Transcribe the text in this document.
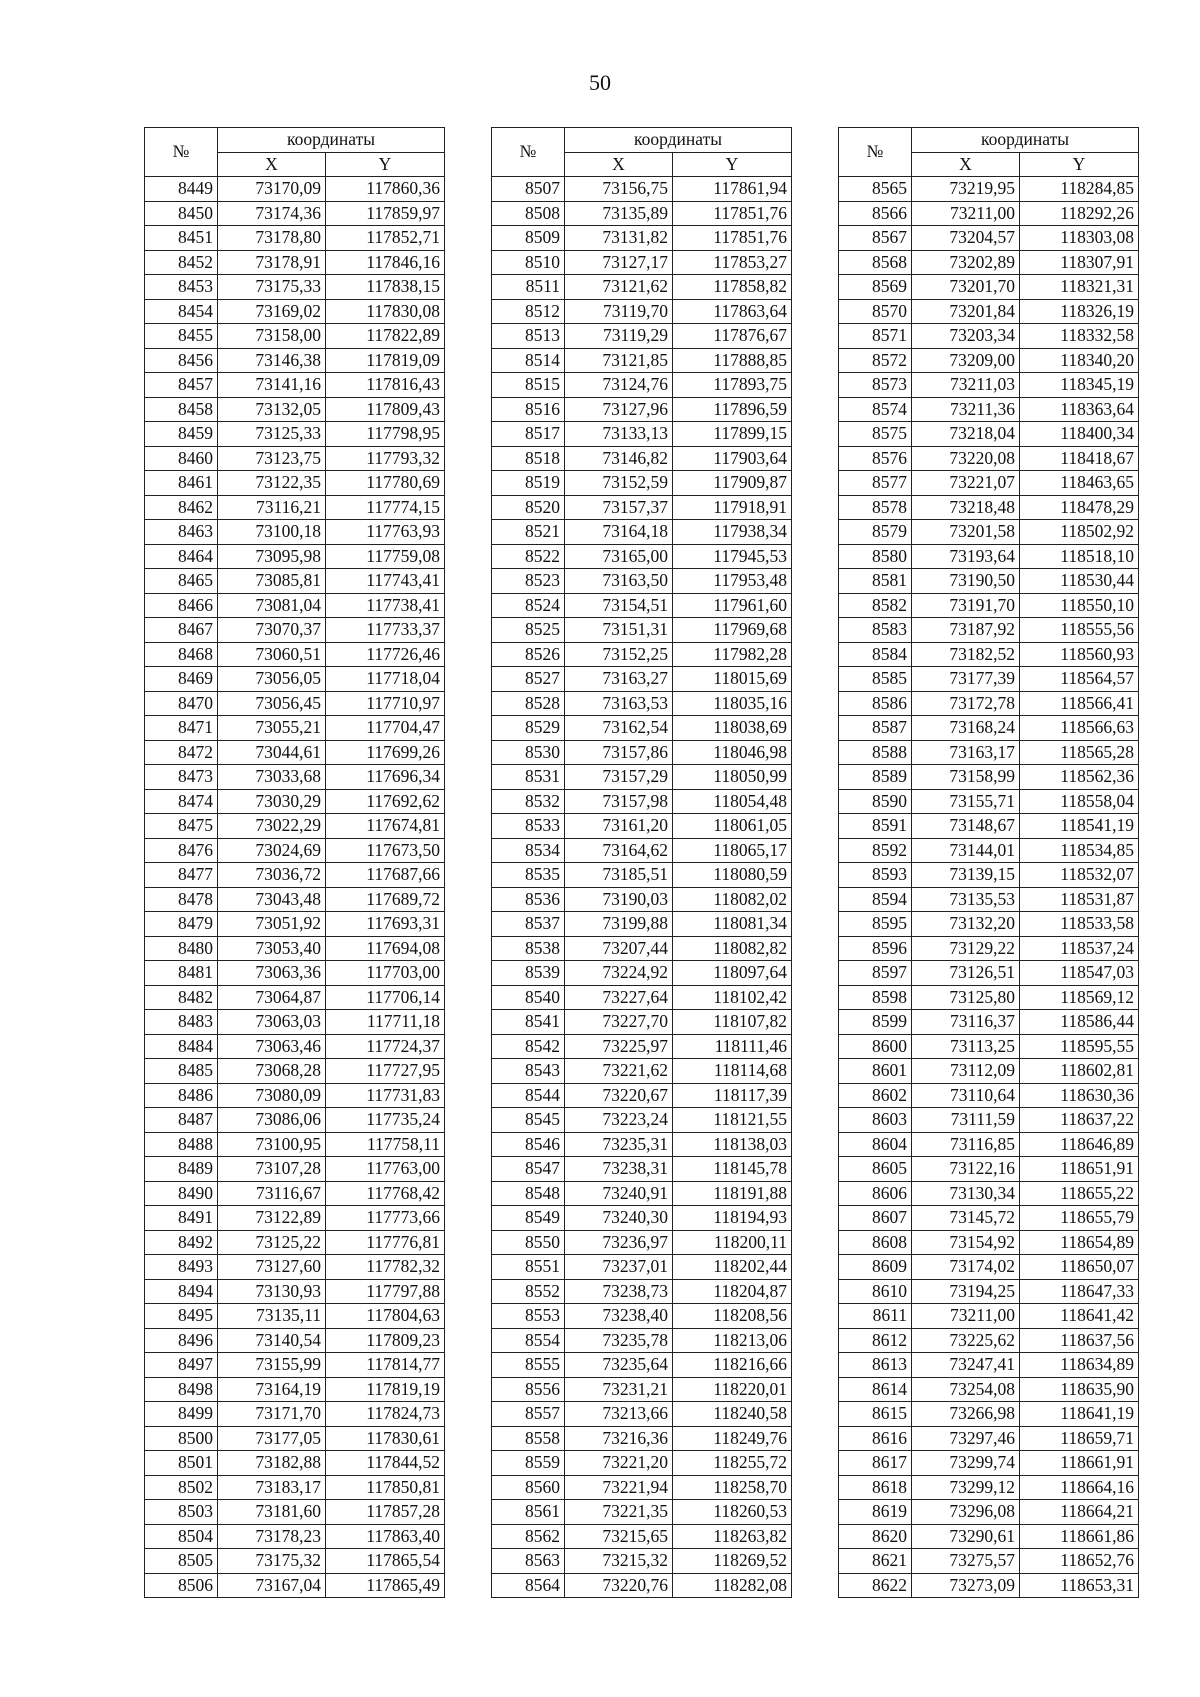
50
№	координаты	
	X	Y
8449	73170,09	117860,36
8450	73174,36	117859,97
8451	73178,80	117852,71
8452	73178,91	117846,16
8453	73175,33	117838,15
8454	73169,02	117830,08
8455	73158,00	117822,89
8456	73146,38	117819,09
8457	73141,16	117816,43
8458	73132,05	117809,43
8459	73125,33	117798,95
8460	73123,75	117793,32
8461	73122,35	117780,69
8462	73116,21	117774,15
8463	73100,18	117763,93
8464	73095,98	117759,08
8465	73085,81	117743,41
8466	73081,04	117738,41
8467	73070,37	117733,37
8468	73060,51	117726,46
8469	73056,05	117718,04
8470	73056,45	117710,97
8471	73055,21	117704,47
8472	73044,61	117699,26
8473	73033,68	117696,34
8474	73030,29	117692,62
8475	73022,29	117674,81
8476	73024,69	117673,50
8477	73036,72	117687,66
8478	73043,48	117689,72
8479	73051,92	117693,31
8480	73053,40	117694,08
8481	73063,36	117703,00
8482	73064,87	117706,14
8483	73063,03	117711,18
8484	73063,46	117724,37
8485	73068,28	117727,95
8486	73080,09	117731,83
8487	73086,06	117735,24
8488	73100,95	117758,11
8489	73107,28	117763,00
8490	73116,67	117768,42
8491	73122,89	117773,66
8492	73125,22	117776,81
8493	73127,60	117782,32
8494	73130,93	117797,88
8495	73135,11	117804,63
8496	73140,54	117809,23
8497	73155,99	117814,77
8498	73164,19	117819,19
8499	73171,70	117824,73
8500	73177,05	117830,61
8501	73182,88	117844,52
8502	73183,17	117850,81
8503	73181,60	117857,28
8504	73178,23	117863,40
8505	73175,32	117865,54
8506	73167,04	117865,49
№	координаты	
	X	Y
8507	73156,75	117861,94
8508	73135,89	117851,76
8509	73131,82	117851,76
8510	73127,17	117853,27
8511	73121,62	117858,82
8512	73119,70	117863,64
8513	73119,29	117876,67
8514	73121,85	117888,85
8515	73124,76	117893,75
8516	73127,96	117896,59
8517	73133,13	117899,15
8518	73146,82	117903,64
8519	73152,59	117909,87
8520	73157,37	117918,91
8521	73164,18	117938,34
8522	73165,00	117945,53
8523	73163,50	117953,48
8524	73154,51	117961,60
8525	73151,31	117969,68
8526	73152,25	117982,28
8527	73163,27	118015,69
8528	73163,53	118035,16
8529	73162,54	118038,69
8530	73157,86	118046,98
8531	73157,29	118050,99
8532	73157,98	118054,48
8533	73161,20	118061,05
8534	73164,62	118065,17
8535	73185,51	118080,59
8536	73190,03	118082,02
8537	73199,88	118081,34
8538	73207,44	118082,82
8539	73224,92	118097,64
8540	73227,64	118102,42
8541	73227,70	118107,82
8542	73225,97	118111,46
8543	73221,62	118114,68
8544	73220,67	118117,39
8545	73223,24	118121,55
8546	73235,31	118138,03
8547	73238,31	118145,78
8548	73240,91	118191,88
8549	73240,30	118194,93
8550	73236,97	118200,11
8551	73237,01	118202,44
8552	73238,73	118204,87
8553	73238,40	118208,56
8554	73235,78	118213,06
8555	73235,64	118216,66
8556	73231,21	118220,01
8557	73213,66	118240,58
8558	73216,36	118249,76
8559	73221,20	118255,72
8560	73221,94	118258,70
8561	73221,35	118260,53
8562	73215,65	118263,82
8563	73215,32	118269,52
8564	73220,76	118282,08
№	координаты	
	X	Y
8565	73219,95	118284,85
8566	73211,00	118292,26
8567	73204,57	118303,08
8568	73202,89	118307,91
8569	73201,70	118321,31
8570	73201,84	118326,19
8571	73203,34	118332,58
8572	73209,00	118340,20
8573	73211,03	118345,19
8574	73211,36	118363,64
8575	73218,04	118400,34
8576	73220,08	118418,67
8577	73221,07	118463,65
8578	73218,48	118478,29
8579	73201,58	118502,92
8580	73193,64	118518,10
8581	73190,50	118530,44
8582	73191,70	118550,10
8583	73187,92	118555,56
8584	73182,52	118560,93
8585	73177,39	118564,57
8586	73172,78	118566,41
8587	73168,24	118566,63
8588	73163,17	118565,28
8589	73158,99	118562,36
8590	73155,71	118558,04
8591	73148,67	118541,19
8592	73144,01	118534,85
8593	73139,15	118532,07
8594	73135,53	118531,87
8595	73132,20	118533,58
8596	73129,22	118537,24
8597	73126,51	118547,03
8598	73125,80	118569,12
8599	73116,37	118586,44
8600	73113,25	118595,55
8601	73112,09	118602,81
8602	73110,64	118630,36
8603	73111,59	118637,22
8604	73116,85	118646,89
8605	73122,16	118651,91
8606	73130,34	118655,22
8607	73145,72	118655,79
8608	73154,92	118654,89
8609	73174,02	118650,07
8610	73194,25	118647,33
8611	73211,00	118641,42
8612	73225,62	118637,56
8613	73247,41	118634,89
8614	73254,08	118635,90
8615	73266,98	118641,19
8616	73297,46	118659,71
8617	73299,74	118661,91
8618	73299,12	118664,16
8619	73296,08	118664,21
8620	73290,61	118661,86
8621	73275,57	118652,76
8622	73273,09	118653,31
